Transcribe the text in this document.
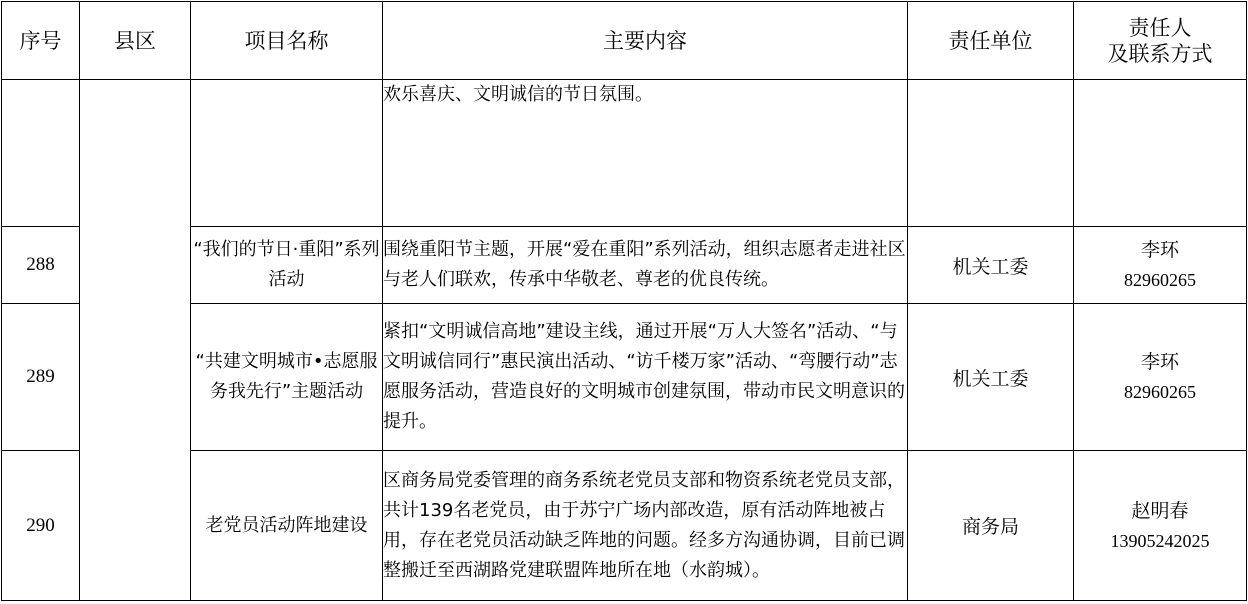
序号	县区	项目名称	主要内容	责任单位	责任人
及联系方式

			欢乐喜庆、文明诚信的节日氛围。		

288		“我们的节日·重阳”系列活动	围绕重阳节主题，开展“爱在重阳”系列活动，组织志愿者走进社区与老人们联欢，传承中华敬老、尊老的优良传统。	机关工委	李环
82960265

289		“共建文明城市•志愿服务我先行”主题活动	紧扣“文明诚信高地”建设主线，通过开展“万人大签名”活动、“与文明诚信同行”惠民演出活动、“访千楼万家”活动、“弯腰行动”志愿服务活动，营造良好的文明城市创建氛围，带动市民文明意识的提升。	机关工委	李环
82960265

290		老党员活动阵地建设	区商务局党委管理的商务系统老党员支部和物资系统老党员支部，共计139名老党员，由于苏宁广场内部改造，原有活动阵地被占用，存在老党员活动缺乏阵地的问题。经多方沟通协调，目前已调整搬迁至西湖路党建联盟阵地所在地（水韵城）。	商务局	赵明春
13905242025
